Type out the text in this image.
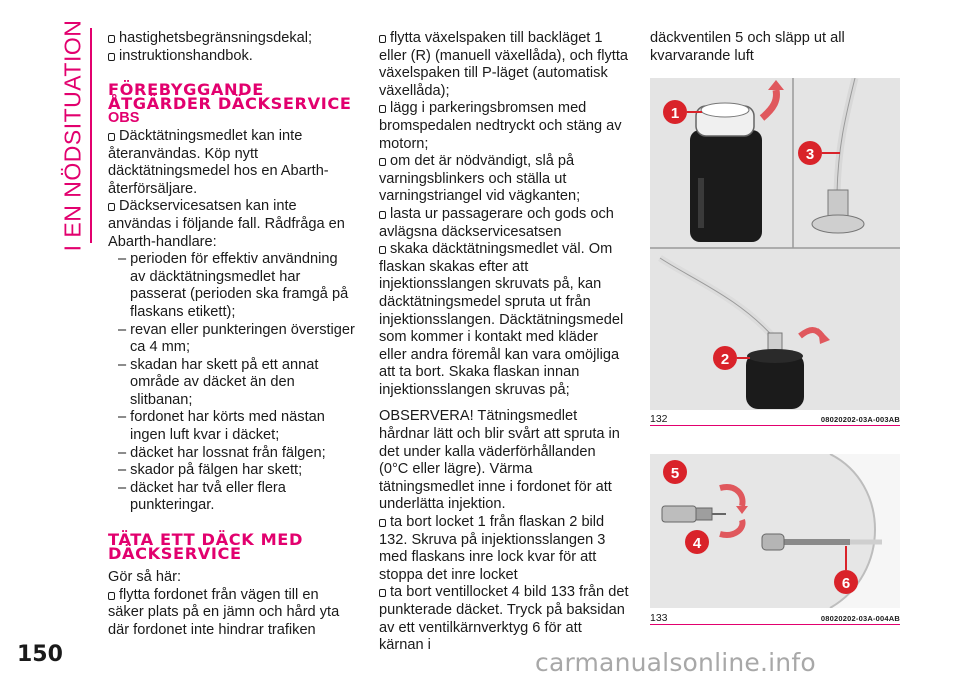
I EN NÖDSITUATION	hastighetsbegränsningsdekal;

instruktionshandbok.

FÖREBYGGANDE ÅTGÄRDER DÄCKSERVICE

OBS

Däcktätningsmedlet kan inte återanvändas. Köp nytt däcktätningsmedel hos en Abarth-återförsäljare.

Däckservicesatsen kan inte användas i följande fall. Rådfråga en Abarth-handlare:

– perioden för effektiv användning av däcktätningsmedlet har passerat (perioden ska framgå på flaskans etikett);

– revan eller punkteringen överstiger ca 4 mm;

– skadan har skett på ett annat område av däcket än den slitbanan;

– fordonet har körts med nästan ingen luft kvar i däcket;

– däcket har lossnat från fälgen;

– skador på fälgen har skett;

– däcket har två eller flera punkteringar.

TÄTA ETT DÄCK MED DÄCKSERVICE

Gör så här:

flytta fordonet från vägen till en säker plats på en jämn och hård yta där fordonet inte hindrar trafiken

flytta växelspaken till backläget 1 eller (R) (manuell växellåda), och flytta växelspaken till P-läget (automatisk växellåda);

lägg i parkeringsbromsen med bromspedalen nedtryckt och stäng av motorn;

om det är nödvändigt, slå på varningsblinkers och ställa ut varningstriangel vid vägkanten;

lasta ur passagerare och gods och avlägsna däckservicesatsen

skaka däcktätningsmedlet väl. Om flaskan skakas efter att injektionsslangen skruvats på, kan däcktätningsmedel spruta ut från injektionsslangen. Däcktätningsmedel som kommer i kontakt med kläder eller andra föremål kan vara omöjliga att ta bort. Skaka flaskan innan injektionsslangen skruvas på;

OBSERVERA! Tätningsmedlet hårdnar lätt och blir svårt att spruta in det under kalla väderförhållanden (0°C eller lägre). Värma tätningsmedlet inne i fordonet för att underlätta injektion.

ta bort locket 1 från flaskan 2 bild 132. Skruva på injektionsslangen 3 med flaskans inre lock kvar för att stoppa det inre locket

ta bort ventillocket 4 bild 133 från det punkterade däcket. Tryck på baksidan av ett ventilkärnverktyg 6 för att kärnan i

däckventilen 5 och släpp ut all kvarvarande luft

1
3
2
132	08020202-03A-003AB
5
4
6
133	08020202-03A-004AB
150	carmanualsonline.info
